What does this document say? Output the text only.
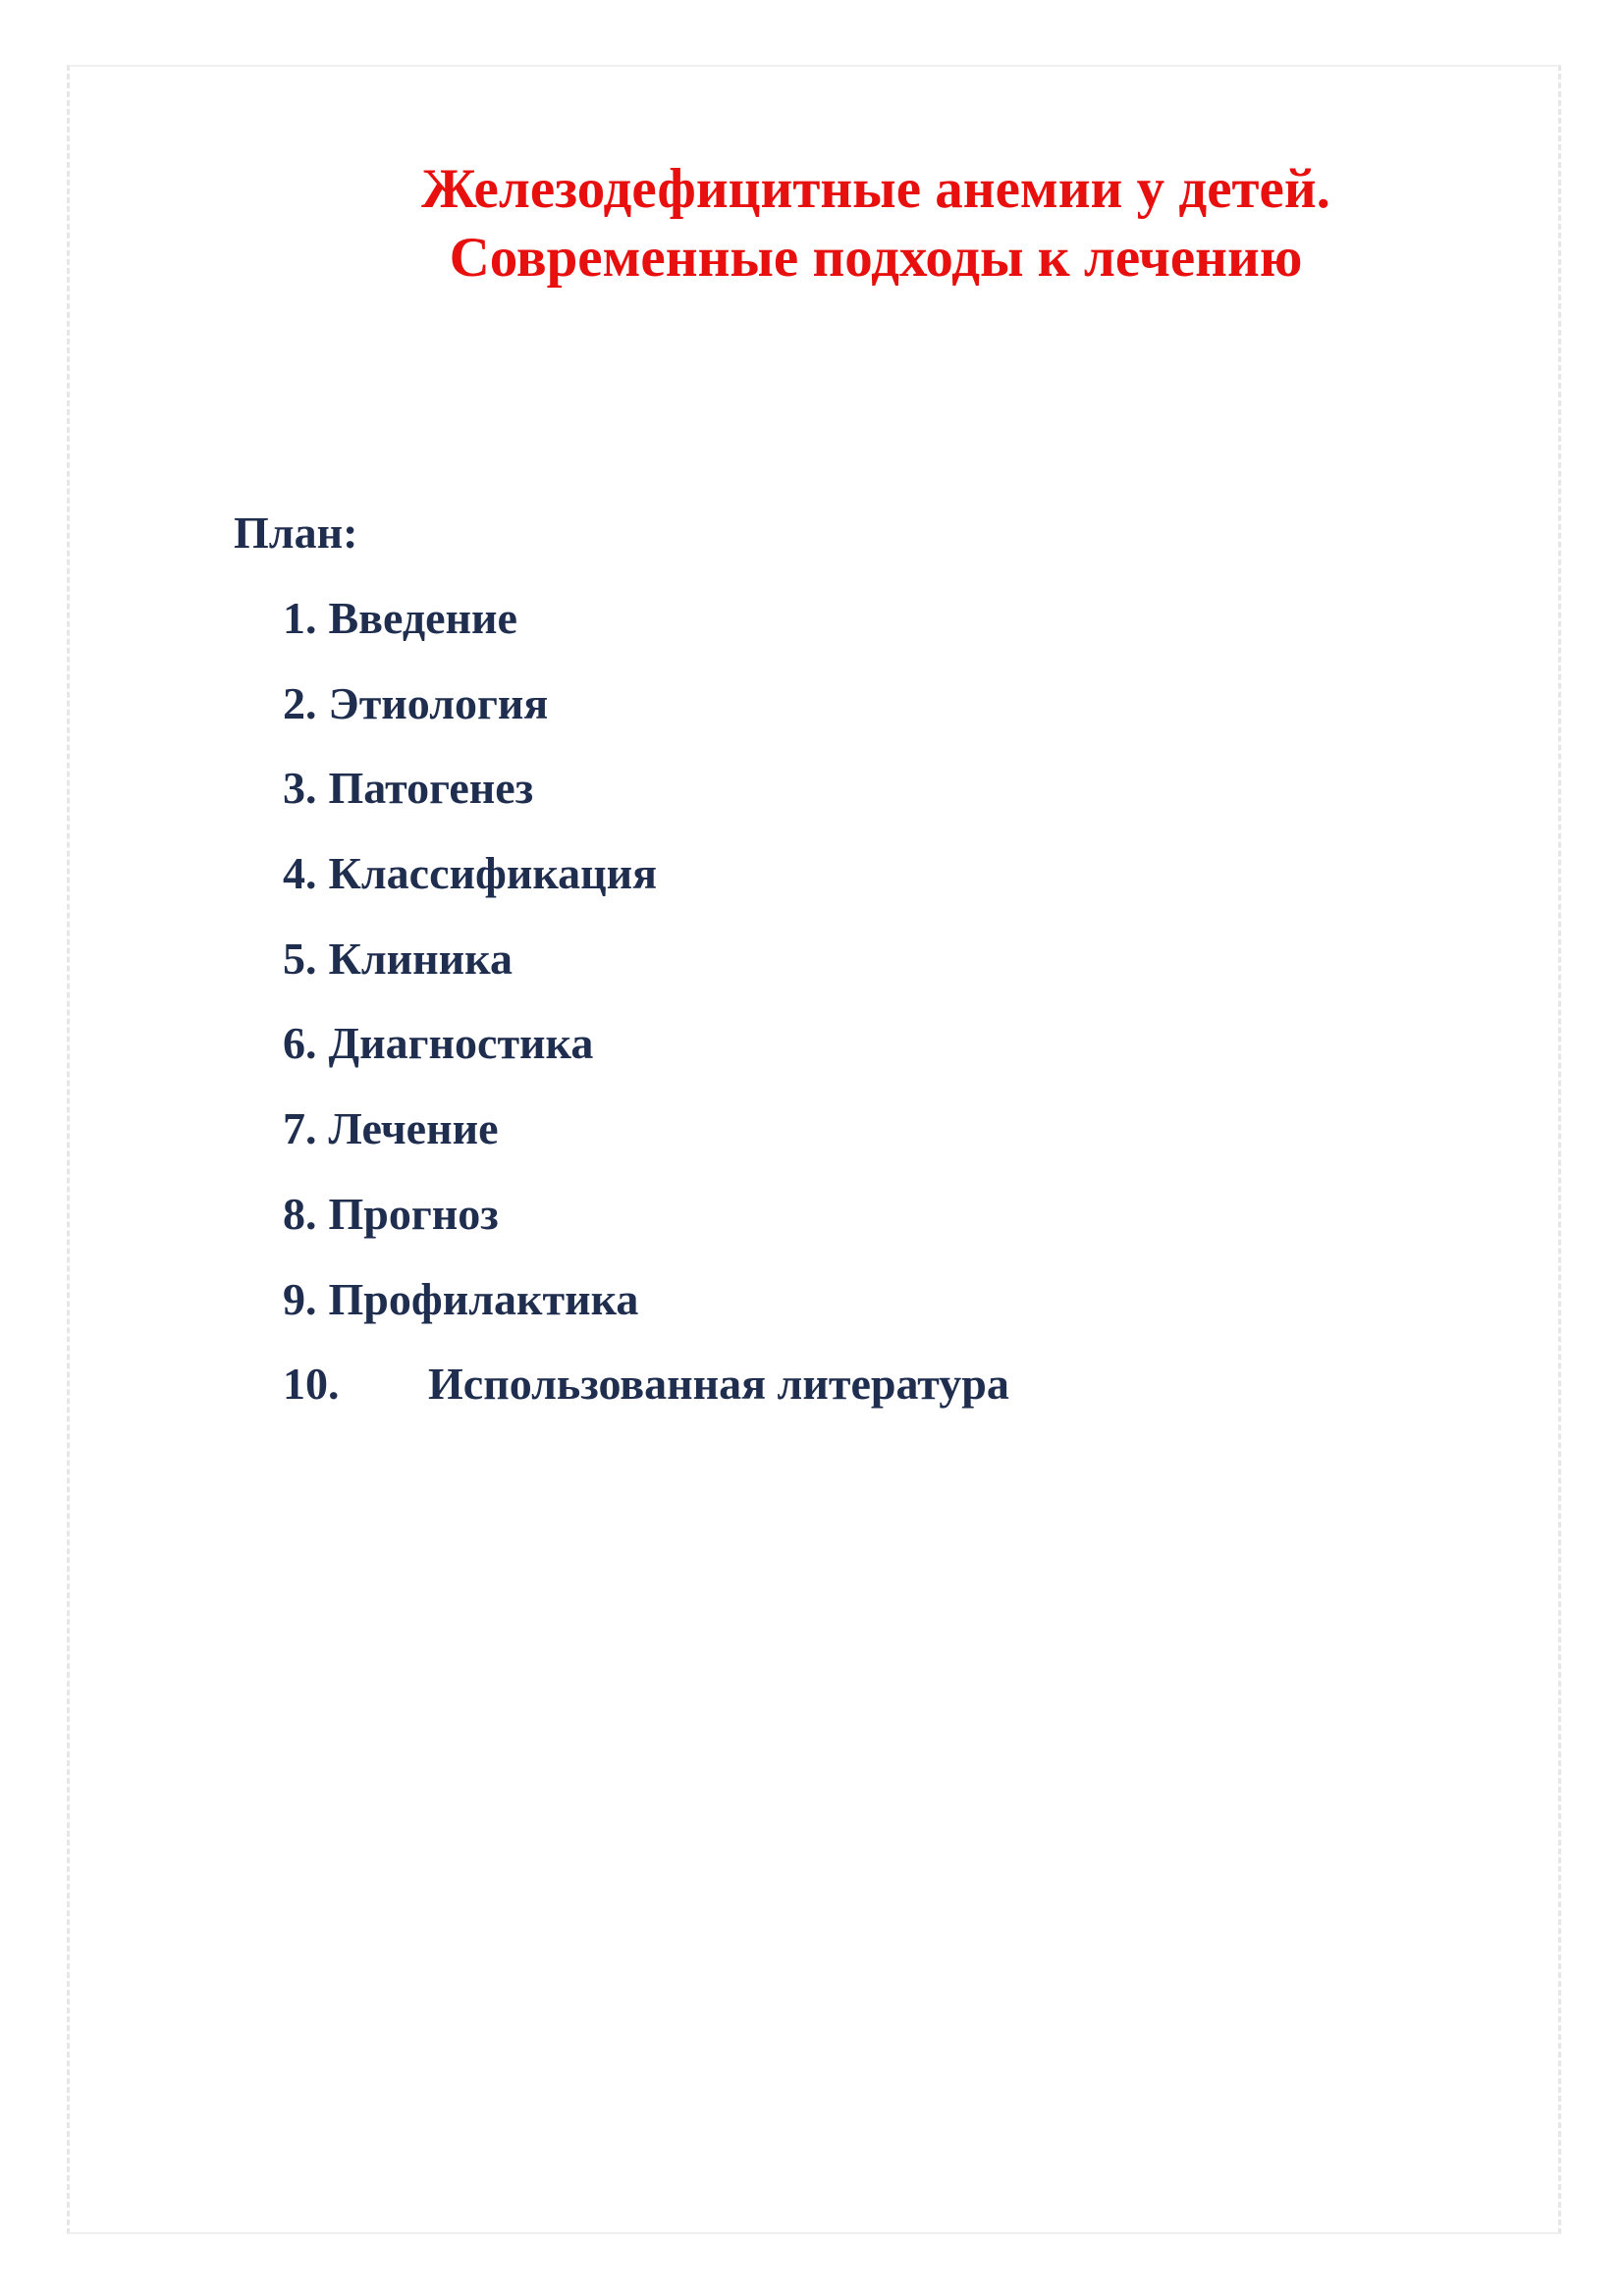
Железодефицитные анемии у детей.
Современные подходы к лечению
План:
1. Введение
2. Этиология
3. Патогенез
4. Классификация
5. Клиника
6. Диагностика
7. Лечение
8. Прогноз
9. Профилактика
10. Использованная литература
